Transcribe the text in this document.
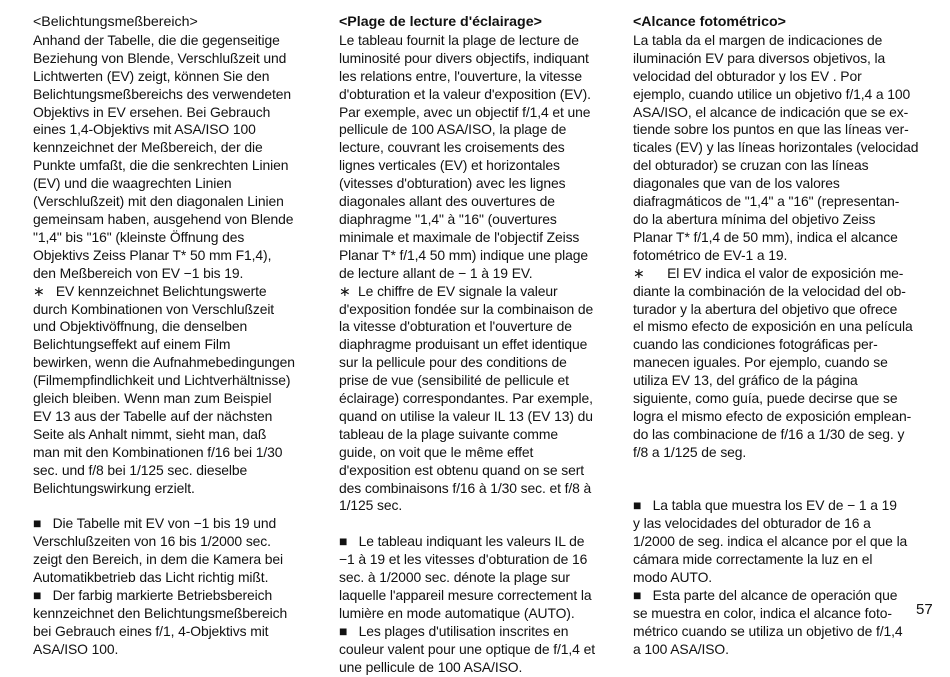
<Belichtungsmeßbereich>
Anhand der Tabelle, die die gegenseitige
Beziehung von Blende, Verschlußzeit und
Lichtwerten (EV) zeigt, können Sie den
Belichtungsmeßbereichs des verwendeten
Objektivs in EV ersehen. Bei Gebrauch
eines 1,4-Objektivs mit ASA/ISO 100
kennzeichnet der Meßbereich, der die
Punkte umfaßt, die die senkrechten Linien
(EV) und die waagrechten Linien
(Verschlußzeit) mit den diagonalen Linien
gemeinsam haben, ausgehend von Blende
"1,4" bis "16" (kleinste Öffnung des
Objektivs Zeiss Planar T* 50 mm F1,4),
den Meßbereich von EV −1 bis 19.
∗   EV kennzeichnet Belichtungswerte
durch Kombinationen von Verschlußzeit
und Objektivöffnung, die denselben
Belichtungseffekt auf einem Film
bewirken, wenn die Aufnahmebedingungen
(Filmempfindlichkeit und Lichtverhältnisse)
gleich bleiben. Wenn man zum Beispiel
EV 13 aus der Tabelle auf der nächsten
Seite als Anhalt nimmt, sieht man, daß
man mit den Kombinationen f/16 bei 1/30
sec. und f/8 bei 1/125 sec. dieselbe
Belichtungswirkung erzielt.
■   Die Tabelle mit EV von −1 bis 19 und
Verschlußzeiten von 16 bis 1/2000 sec.
zeigt den Bereich, in dem die Kamera bei
Automatikbetrieb das Licht richtig mißt.
■   Der farbig markierte Betriebsbereich
kennzeichnet den Belichtungsmeßbereich
bei Gebrauch eines f/1, 4-Objektivs mit
ASA/ISO 100.
<Plage de lecture d'éclairage>
Le tableau fournit la plage de lecture de
luminosité pour divers objectifs, indiquant
les relations entre, l'ouverture, la vitesse
d'obturation et la valeur d'exposition (EV).
Par exemple, avec un objectif f/1,4 et une
pellicule de 100 ASA/ISO, la plage de
lecture, couvrant les croisements des
lignes verticales (EV) et horizontales
(vitesses d'obturation) avec les lignes
diagonales allant des ouvertures de
diaphragme "1,4" à "16" (ouvertures
minimale et maximale de l'objectif Zeiss
Planar T* f/1,4 50 mm) indique une plage
de lecture allant de − 1 à 19 EV.
∗  Le chiffre de EV signale la valeur
d'exposition fondée sur la combinaison de
la vitesse d'obturation et l'ouverture de
diaphragme produisant un effet identique
sur la pellicule pour des conditions de
prise de vue (sensibilité de pellicule et
éclairage) correspondantes. Par exemple,
quand on utilise la valeur IL 13 (EV 13) du
tableau de la plage suivante comme
guide, on voit que le même effet
d'exposition est obtenu quand on se sert
des combinaisons f/16 à 1/30 sec. et f/8 à
1/125 sec.
■   Le tableau indiquant les valeurs IL de
−1 à 19 et les vitesses d'obturation de 16
sec. à 1/2000 sec. dénote la plage sur
laquelle l'appareil mesure correctement la
lumière en mode automatique (AUTO).
■   Les plages d'utilisation inscrites en
couleur valent pour une optique de f/1,4 et
une pellicule de 100 ASA/ISO.
<Alcance fotométrico>
La tabla da el margen de indicaciones de
iluminación EV para diversos objetivos, la
velocidad del obturador y los EV . Por
ejemplo, cuando utilice un objetivo f/1,4 a 100
ASA/ISO, el alcance de indicación que se ex-
tiende sobre los puntos en que las líneas ver-
ticales (EV) y las líneas horizontales (velocidad
del obturador) se cruzan con las líneas
diagonales que van de los valores
diafragmáticos de "1,4" a "16" (representan-
do la abertura mínima del objetivo Zeiss
Planar T* f/1,4 de 50 mm), indica el alcance
fotométrico de EV-1 a 19.
∗      El EV indica el valor de exposición me-
diante la combinación de la velocidad del ob-
turador y la abertura del objetivo que ofrece
el mismo efecto de exposición en una película
cuando las condiciones fotográficas per-
manecen iguales. Por ejemplo, cuando se
utiliza EV 13, del gráfico de la página
siguiente, como guía, puede decirse que se
logra el mismo efecto de exposición emplean-
do las combinacione de f/16 a 1/30 de seg. y
f/8 a 1/125 de seg.
■   La tabla que muestra los EV de − 1 a 19
y las velocidades del obturador de 16 a
1/2000 de seg. indica el alcance por el que la
cámara mide correctamente la luz en el
modo AUTO.
■   Esta parte del alcance de operación que
se muestra en color, indica el alcance foto-
métrico cuando se utiliza un objetivo de f/1,4
a 100 ASA/ISO.
57
